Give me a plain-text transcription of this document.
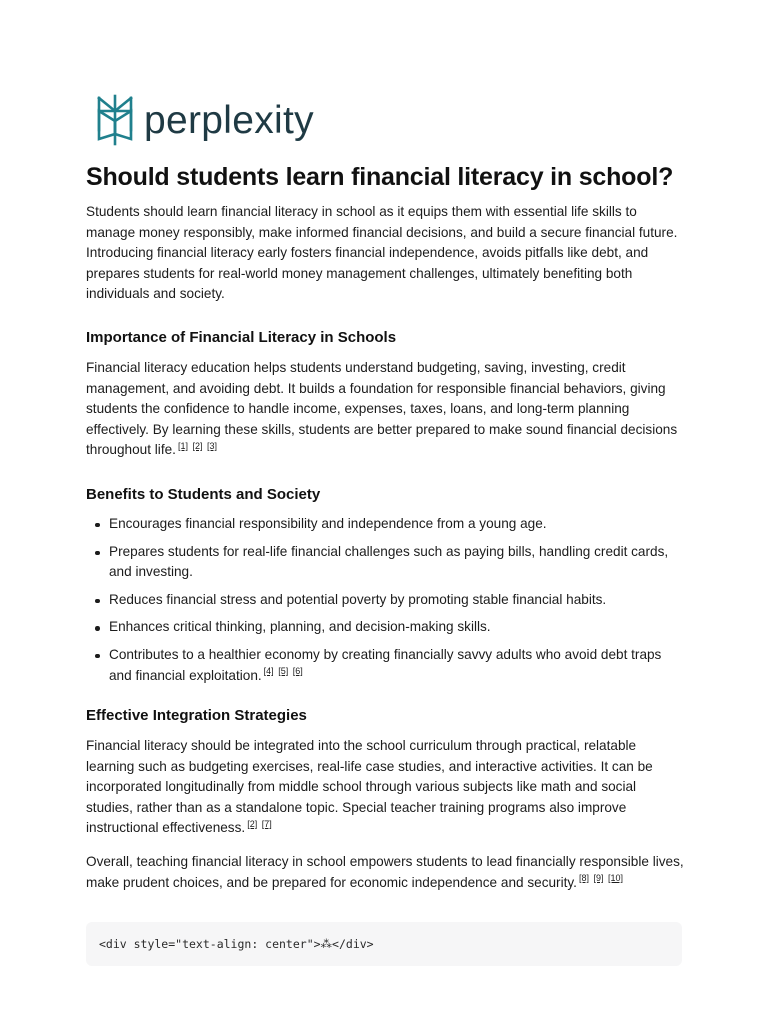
perplexity
Should students learn financial literacy in school?

Students should learn financial literacy in school as it equips them with essential life skills to manage money responsibly, make informed financial decisions, and build a secure financial future. Introducing financial literacy early fosters financial independence, avoids pitfalls like debt, and prepares students for real-world money management challenges, ultimately benefiting both individuals and society.

Importance of Financial Literacy in Schools

Financial literacy education helps students understand budgeting, saving, investing, credit management, and avoiding debt. It builds a foundation for responsible financial behaviors, giving students the confidence to handle income, expenses, taxes, loans, and long-term planning effectively. By learning these skills, students are better prepared to make sound financial decisions throughout life. [1] [2] [3]

Benefits to Students and Society
Encourages financial responsibility and independence from a young age.
Prepares students for real-life financial challenges such as paying bills, handling credit cards, and investing.
Reduces financial stress and potential poverty by promoting stable financial habits.
Enhances critical thinking, planning, and decision-making skills.
Contributes to a healthier economy by creating financially savvy adults who avoid debt traps and financial exploitation. [4] [5] [6]
Effective Integration Strategies

Financial literacy should be integrated into the school curriculum through practical, relatable learning such as budgeting exercises, real-life case studies, and interactive activities. It can be incorporated longitudinally from middle school through various subjects like math and social studies, rather than as a standalone topic. Special teacher training programs also improve instructional effectiveness. [2] [7]

Overall, teaching financial literacy in school empowers students to lead financially responsible lives, make prudent choices, and be prepared for economic independence and security. [8] [9] [10]

<div style="text-align: center">⁂</div>
